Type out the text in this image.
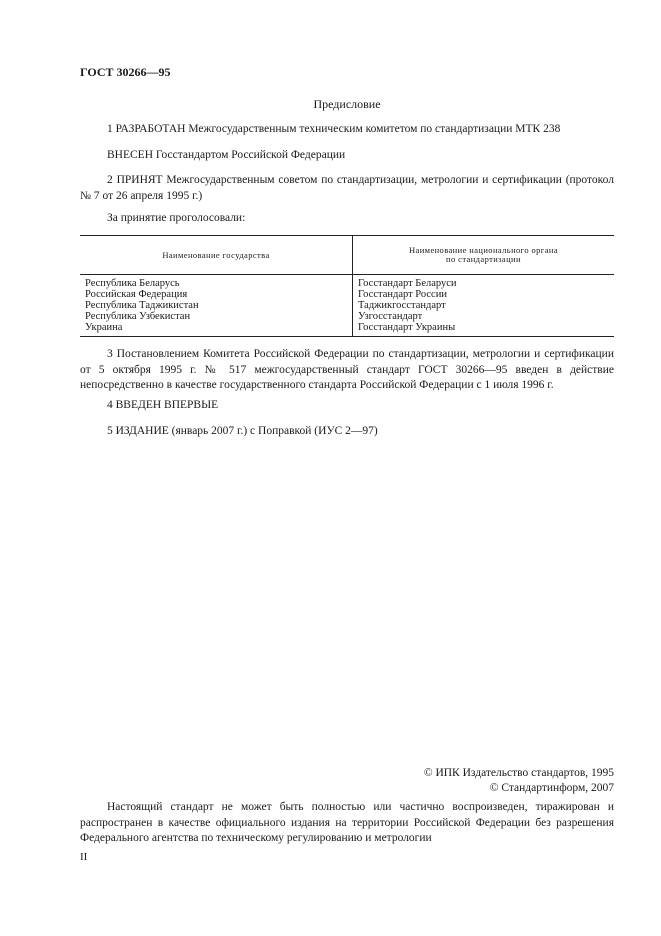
ГОСТ 30266—95
Предисловие

1 РАЗРАБОТАН Межгосударственным техническим комитетом по стандартизации МТК 238

ВНЕСЕН Госстандартом Российской Федерации

2 ПРИНЯТ Межгосударственным советом по стандартизации, метрологии и сертификации (протокол № 7 от 26 апреля 1995 г.)

За принятие проголосовали:

Наименование государства	Наименование национального органа
по стандартизации

Республика Беларусь	Госстандарт Беларуси
Российская Федерация	Госстандарт России
Республика Таджикистан	Таджикгосстандарт
Республика Узбекистан	Узгосстандарт
Украина	Госстандарт Украины

3 Постановлением Комитета Российской Федерации по стандартизации, метрологии и сертификации от 5 октября 1995 г. № 517 межгосударственный стандарт ГОСТ 30266—95 введен в действие непосредственно в качестве государственного стандарта Российской Федерации с 1 июля 1996 г.

4 ВВЕДЕН ВПЕРВЫЕ

5 ИЗДАНИЕ (январь 2007 г.) с Поправкой (ИУС 2—97)

© ИПК Издательство стандартов, 1995
© Стандартинформ, 2007
Настоящий стандарт не может быть полностью или частично воспроизведен, тиражирован и распространен в качестве официального издания на территории Российской Федерации без разрешения Федерального агентства по техническому регулированию и метрологии
II
